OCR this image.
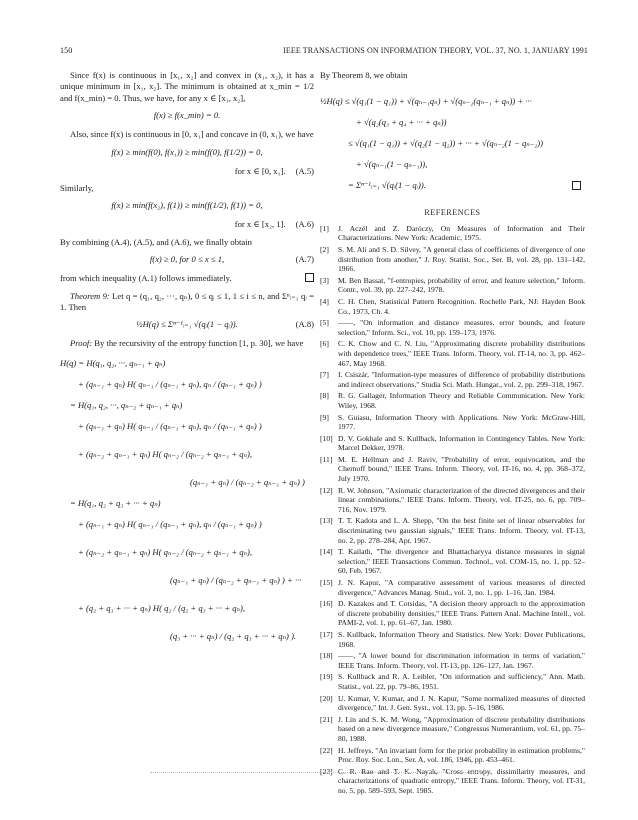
150	IEEE TRANSACTIONS ON INFORMATION THEORY, VOL. 37, NO. 1, JANUARY 1991

Since f(x) is continuous in [x₁, x₂] and convex in (x₁, x₂), it has a unique minimum in [x₁, x₂]. The minimum is obtained at x_min = 1/2 and f(x_min) = 0. Thus, we have, for any x ∈ [x₁, x₂],

f(x) ≥ f(x_min) = 0.

Also, since f(x) is continuous in [0, x₁] and concave in (0, x₁), we have

f(x) ≥ min(f(0), f(x₁)) ≥ min(f(0), f(1/2)) = 0,
for x ∈ [0, x₁]. (A.5)

Similarly,

f(x) ≥ min(f(x₂), f(1)) ≥ min(f(1/2), f(1)) = 0,
for x ∈ [x₂, 1]. (A.6)

By combining (A.4), (A.5), and (A.6), we finally obtain

f(x) ≥ 0, for 0 ≤ x ≤ 1,	(A.7)

from which inequality (A.1) follows immediately.

Theorem 9: Let q = (q₁, q₂, ···, qₙ), 0 ≤ qᵢ ≤ 1, 1 ≤ i ≤ n, and Σⁿᵢ₌₁ qᵢ = 1. Then

½H(q) ≤ Σⁿ⁻¹ᵢ₌₁ √(qᵢ(1 − qᵢ)).	(A.8)

Proof: By the recursivity of the entropy function [1, p. 30], we have

H(q) = H(q₁, q₂, ···, qₙ₋₁ + qₙ)
+ (qₙ₋₁ + qₙ) H( qₙ₋₁ / (qₙ₋₁ + qₙ), qₙ / (qₙ₋₁ + qₙ) )
= H(q₁, q₂, ···, qₙ₋₂ + qₙ₋₁ + qₙ)
+ (qₙ₋₁ + qₙ) H( qₙ₋₁ / (qₙ₋₁ + qₙ), qₙ / (qₙ₋₁ + qₙ) )
+ (qₙ₋₂ + qₙ₋₁ + qₙ) H( qₙ₋₂ / (qₙ₋₂ + qₙ₋₁ + qₙ),
(qₙ₋₁ + qₙ) / (qₙ₋₂ + qₙ₋₁ + qₙ) )
= H(q₁, q₂ + q₃ + ··· + qₙ)
+ (qₙ₋₁ + qₙ) H( qₙ₋₁ / (qₙ₋₁ + qₙ), qₙ / (qₙ₋₁ + qₙ) )
+ (qₙ₋₂ + qₙ₋₁ + qₙ) H( qₙ₋₂ / (qₙ₋₂ + qₙ₋₁ + qₙ),
(qₙ₋₁ + qₙ) / (qₙ₋₂ + qₙ₋₁ + qₙ) ) + ···
+ (q₂ + q₃ + ··· + qₙ) H( q₂ / (q₂ + q₃ + ··· + qₙ),
(q₃ + ··· + qₙ) / (q₂ + q₃ + ··· + qₙ) ).

By Theorem 8, we obtain

½H(q) ≤ √(q₁(1 − q₁)) + √(qₙ₋₁qₙ) + √(qₙ₋₂(qₙ₋₁ + qₙ)) + ···
+ √(q₂(q₃ + q₄ + ··· + qₙ))
≤ √(q₁(1 − q₁)) + √(q₂(1 − q₂)) + ··· + √(qₙ₋₂(1 − qₙ₋₂))
+ √(qₙ₋₁(1 − qₙ₋₁)),
= Σⁿ⁻¹ᵢ₌₁ √(qᵢ(1 − qᵢ)).
REFERENCES
[1] J. Aczél and Z. Daróczy, On Measures of Information and Their Characterizations. New York: Academic, 1975.
[2] S. M. Ali and S. D. Silvey, "A general class of coefficients of divergence of one distribution from another," J. Roy. Statist. Soc., Ser. B, vol. 28, pp. 131–142, 1966.
[3] M. Ben Bassat, "f-entropies, probability of error, and feature selection," Inform. Contr., vol. 39, pp. 227–242, 1978.
[4] C. H. Chen, Statistical Pattern Recognition. Rochelle Park, NJ: Hayden Book Co., 1973, Ch. 4.
[5] ——, "On information and distance measures, error bounds, and feature selection," Inform. Sci., vol. 10, pp. 159–173, 1976.
[6] C. K. Chow and C. N. Liu, "Approximating discrete probability distributions with dependence trees," IEEE Trans. Inform. Theory, vol. IT-14, no. 3, pp. 462–467, May 1968.
[7] I. Csiszár, "Information-type measures of difference of probability distributions and indirect observations," Studia Sci. Math. Hungar., vol. 2, pp. 299–318, 1967.
[8] R. G. Gallager, Information Theory and Reliable Communication. New York: Wiley, 1968.
[9] S. Guiasu, Information Theory with Applications. New York: McGraw-Hill, 1977.
[10] D. V. Gokhale and S. Kullback, Information in Contingency Tables. New York: Marcel Dekker, 1978.
[11] M. E. Hellman and J. Raviv, "Probability of error, equivocation, and the Chernoff bound," IEEE Trans. Inform. Theory, vol. IT-16, no. 4, pp. 368–372, July 1970.
[12] R. W. Johnson, "Axiomatic characterization of the directed divergences and their linear combinations," IEEE Trans. Inform. Theory, vol. IT-25, no. 6, pp. 709–716, Nov. 1979.
[13] T. T. Kadota and L. A. Shepp, "On the best finite set of linear observables for discriminating two gaussian signals," IEEE Trans. Inform. Theory, vol. IT-13, no. 2, pp. 278–284, Apr. 1967.
[14] T. Kailath, "The divergence and Bhattacharyya distance measures in signal selection," IEEE Transactions Commun. Technol., vol. COM-15, no. 1, pp. 52–60, Feb. 1967.
[15] J. N. Kapur, "A comparative assessment of various measures of directed divergence," Advances Manag. Stud., vol. 3, no. 1, pp. 1–16, Jan. 1984.
[16] D. Kazakos and T. Cotsidas, "A decision theory approach to the approximation of discrete probability densities," IEEE Trans. Pattern Anal. Machine Intell., vol. PAMI-2, vol. 1, pp. 61–67, Jan. 1980.
[17] S. Kullback, Information Theory and Statistics. New York: Dover Publications, 1968.
[18] ——, "A lower bound for discrimination information in terms of variation," IEEE Trans. Inform. Theory, vol. IT-13, pp. 126–127, Jan. 1967.
[19] S. Kullback and R. A. Leibler, "On information and sufficiency," Ann. Math. Statist., vol. 22, pp. 79–86, 1951.
[20] U. Kumar, V. Kumar, and J. N. Kapur, "Some normalized measures of directed divergence," Int. J. Gen. Syst., vol. 13, pp. 5–16, 1986.
[21] J. Lin and S. K. M. Wong, "Approximation of discrete probability distributions based on a new divergence measure," Congressus Numerantium, vol. 61, pp. 75–80, 1988.
[22] H. Jeffreys, "An invariant form for the prior probability in estimation problems," Proc. Roy. Soc. Lon., Ser. A, vol. 186, 1946, pp. 453–461.
[23] C. R. Rao and T. K. Nayak, "Cross entropy, dissimilarity measures, and characterizations of quadratic entropy," IEEE Trans. Inform. Theory, vol. IT-31, no. 5, pp. 589–593, Sept. 1985.
